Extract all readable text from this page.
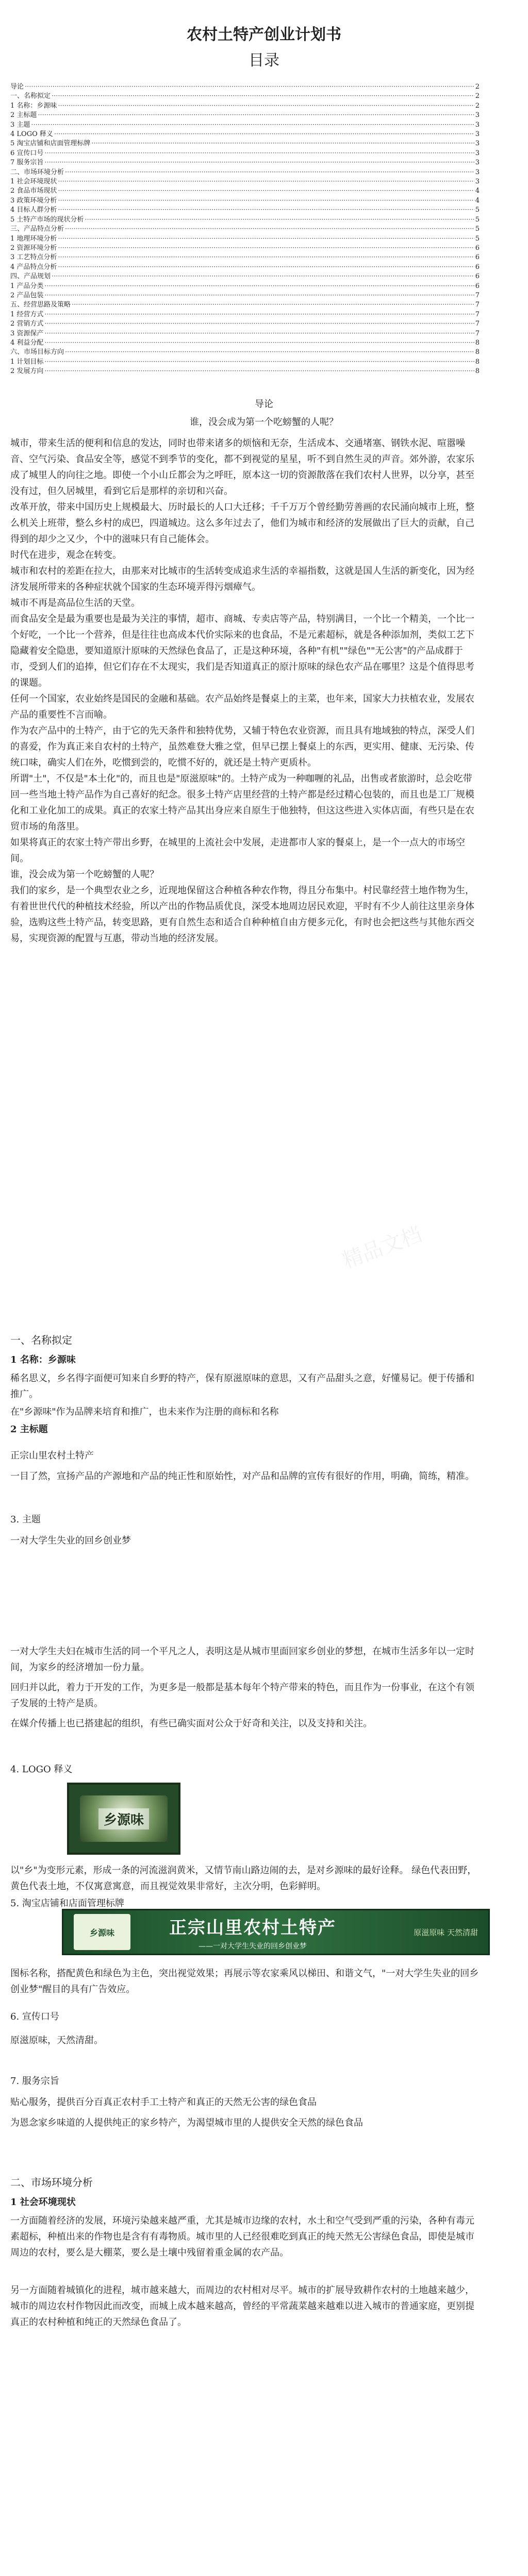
农村土特产创业计划书
目录
导论 ·····	2
一、名称拟定 ·····	2
1 名称：乡源味 ·····	2
2 主标题 ·····	3
3 主题 ·····	3
4 LOGO 释义 ·····	3
5 淘宝店铺和店面管理标牌 ·····	3
6 宣传口号 ·····	3
7 服务宗旨 ·····	3
二、市场环境分析 ·····	3
1 社会环境现状 ·····	3
2 食品市场现状 ·····	4
3 政策环境分析 ·····	4
4 目标人群分析 ·····	5
5 土特产市场的现状分析 ·····	5
三、产品特点分析 ·····	5
1 地理环境分析 ·····	5
2 资源环境分析 ·····	6
3 工艺特点分析 ·····	6
4 产品特点分析 ·····	6
四、产品规划 ·····	6
1 产品分类 ·····	6
2 产品包装 ·····	7
五、经营思路及策略 ·····	7
1 经营方式 ·····	7
2 营销方式 ·····	7
3 资源保产 ·····	7
4 利益分配 ·····	8
六、市场目标方向 ·····	8
1 计划目标 ·····	8
2 发展方向 ·····	8
导论
谁，没会成为第一个吃螃蟹的人呢？

城市，带来生活的便利和信息的发达，同时也带来诸多的烦恼和无奈，生活成本、交通堵塞、钢铁水泥、喧嚣噪音、空气污染、食品安全等，感觉不到季节的变化，都不到视觉的星星，听不到自然生灵的声音。郊外游，农家乐成了城里人的向往之地。即使一个小山丘都会为之呼旺，原本这一切的资源散落在我们农村人世界，以分享，甚至没有过，但久居城里，看到它后是那样的亲切和兴奋。

改革开放，带来中国历史上规模最大、历时最长的人口大迁移；千千万万个曾经勤劳善画的农民涌向城市上班，整么机关上班带，整么乡村的成巴，四道城边。这么多年过去了，他们为城市和经济的发展做出了巨大的贡献，自己得到的却少之又少，个中的滋味只有自己能体会。

时代在进步，观念在转变。

城市和农村的差距在拉大，由那来对比城市的生活转变成追求生活的幸福指数，这就是国人生活的新变化，因为经济发展所带来的各种症状就个国家的生态环境弄得污烟瘴气。

城市不再是高品位生活的天堂。

而食品安全是最为重要也是最为关注的事情，超市、商城、专卖店等产品，特别满目，一个比一个精美，一个比一个好吃，一个比一个营养，但是往往也高成本代价实际来的也食品，不是元素超标，就是各种添加剂，类似工艺下隐藏着安全隐患，要知道原汁原味的天然绿色食品了，正是这种环境，各种"有机""绿色""无公害"的产品成群于市，受到人们的追捧，但它们存在不太现实，我们是否知道真正的原汁原味的绿色农产品在哪里？这是个值得思考的课题。

任何一个国家，农业始终是国民的金融和基础。农产品始终是餐桌上的主菜，也年来，国家大力扶植农业，发展农产品的重要性不言而喻。

作为农产品中的土特产，由于它的先天条件和独特优势，又辅于特色农业资源，而且具有地域独的特点，深受人们的喜爱，作为真正来自农村的土特产，虽然难登大雅之堂，但早已摆上餐桌上的东西，更实用、健康、无污染、传统口味，确实人们在外，吃惯到尝的，吃惯不好的，就还是土特产更质朴。

所谓"土"，不仅是"本土化"的，而且也是"原滋原味"的。土特产成为一种咖喱的礼品，出售或者旅游时，总会吃带回一些当地土特产品作为自己喜好的纪念。很多土特产店里经营的土特产都是经过精心包装的，而且也是工厂规模化和工业化加工的成果。真正的农家土特产品其出身应来自原生于他独特，但这这些进入实体店面，有些只是在农贸市场的角落里。

如果将真正的农家土特产带出乡野，在城里的上流社会中发展，走进都市人家的餐桌上，是一个一点大的市场空间。

谁，没会成为第一个吃螃蟹的人呢？

我们的家乡，是一个典型农业之乡，近现地保留这合种植各种农作物，得且分布集中。村民靠经营土地作物为生，有着世世代代的种植技术经验，所以产出的作物品质优良，深受本地周边居民欢迎，平时有不少人前往这里亲身体验，选购这些土特产品，转变思路，更有自然生态和适合自种种植自由方便多元化，有时也会把这些与其他东西交易，实现资源的配置与互惠，带动当地的经济发展。

精品文档
一、名称拟定
1 名称：乡源味
稀名思义，乡名得字面便可知来自乡野的特产，保有原滋原味的意思，又有产品甜头之意，好懂易记。便于传播和推广。
在"乡源味"作为品牌来培育和推广，也未来作为注册的商标和名称
2 主标题
正宗山里农村土特产
一目了然，宣扬产品的产源地和产品的纯正性和原始性，对产品和品牌的宣传有很好的作用，明确，简练，精准。
3. 主题
一对大学生失业的回乡创业梦
一对大学生夫妇在城市生活的同一个平凡之人，表明这是从城市里面回家乡创业的梦想，在城市生活多年以一定时间，为家乡的经济增加一份力量。
回归并以此，着力于开发的工作，为更多是一般都是基本每年个特产带来的特色，而且作为一份事业，在这个有领子发展的土特产是质。
在媒介传播上也已搭建起的组织，有些已确实面对公众于好奇和关注，以及支持和关注。
4. LOGO 释义
乡源味
以"乡"为变形元素，形成一条的河流滋润黄米，又情节南山路边闹的去，是对乡源味的最好诠释。 绿色代表田野，黄色代表土地，不仅寓意寓意，而且视觉效果非常好，主次分明，色彩鲜明。
5. 淘宝店铺和店面管理标牌
乡源味	正宗山里农村土特产
——一对大学生失业的回乡创业梦
原滋原味 天然清甜
图标名称，搭配黄色和绿色为主色，突出视觉效果；再展示等农家乘风以梯田、和谐文气，"一对大学生失业的回乡创业梦"醒目的具有广告效应。
6. 宣传口号
原滋原味，天然清甜。
7. 服务宗旨
贴心服务，提供百分百真正农村手工土特产和真正的天然无公害的绿色食品
为恩念家乡味道的人提供纯正的家乡特产，为渴望城市里的人提供安全天然的绿色食品
二、市场环境分析
1 社会环境现状
一方面随着经济的发展，环境污染越来越严重，尤其是城市边缘的农村，水土和空气受到严重的污染，各种有毒元素超标，种植出来的作物也是含有有毒物质。城市里的人已经很难吃到真正的纯天然无公害绿色食品，即使是城市周边的农村，要么是大棚菜，要么是土壤中残留着重金属的农产品。
另一方面随着城镇化的进程，城市越来越大，而周边的农村相对尽平。城市的扩展导致耕作农村的土地越来越少，城市的周边农村作物因此而改变，而城上成本越来越高，曾经的平常蔬菜越来越难以进入城市的普通家庭，更别提真正的农村种植和纯正的天然绿色食品了。
